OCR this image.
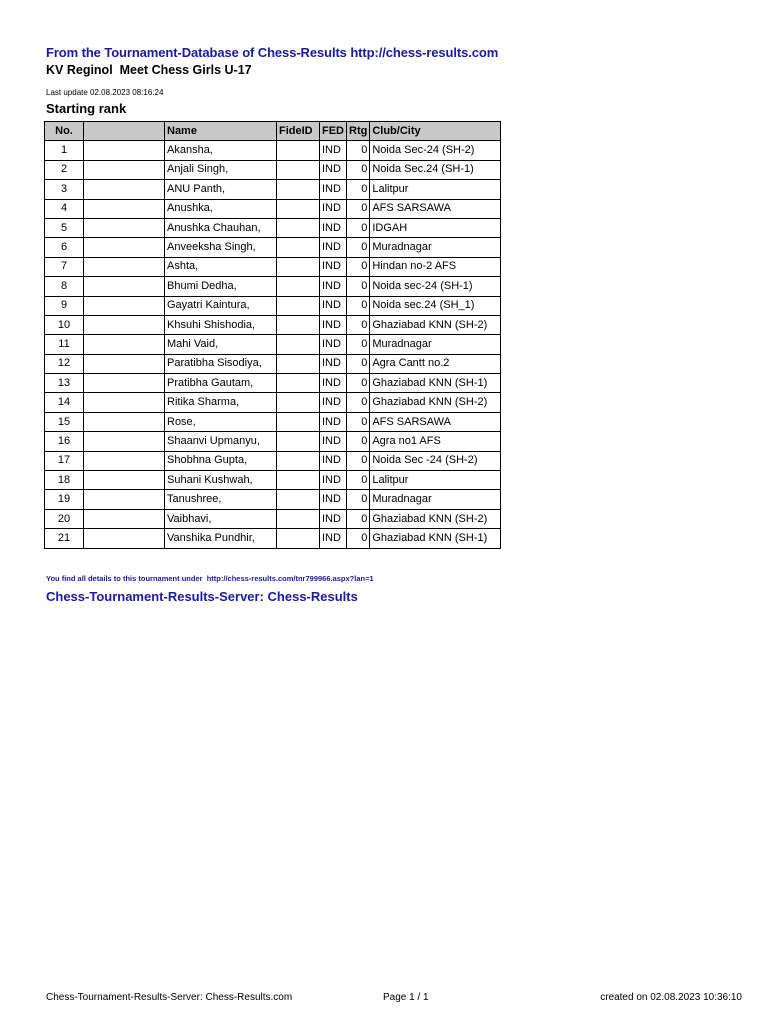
From the Tournament-Database of Chess-Results http://chess-results.com
KV Reginol  Meet Chess Girls U-17
Last update 02.08.2023 08:16:24
Starting rank
No.		Name	FideID	FED	Rtg	Club/City
1		Akansha,		IND	0	Noida Sec-24 (SH-2)
2		Anjali Singh,		IND	0	Noida Sec.24 (SH-1)
3		ANU Panth,		IND	0	Lalitpur
4		Anushka,		IND	0	AFS SARSAWA
5		Anushka Chauhan,		IND	0	IDGAH
6		Anveeksha Singh,		IND	0	Muradnagar
7		Ashta,		IND	0	Hindan no-2 AFS
8		Bhumi Dedha,		IND	0	Noida sec-24 (SH-1)
9		Gayatri Kaintura,		IND	0	Noida sec.24 (SH_1)
10		Khsuhi Shishodia,		IND	0	Ghaziabad KNN (SH-2)
11		Mahi Vaid,		IND	0	Muradnagar
12		Paratibha Sisodiya,		IND	0	Agra Cantt no.2
13		Pratibha Gautam,		IND	0	Ghaziabad KNN (SH-1)
14		Ritika Sharma,		IND	0	Ghaziabad KNN (SH-2)
15		Rose,		IND	0	AFS SARSAWA
16		Shaanvi Upmanyu,		IND	0	Agra no1 AFS
17		Shobhna Gupta,		IND	0	Noida Sec -24 (SH-2)
18		Suhani Kushwah,		IND	0	Lalitpur
19		Tanushree,		IND	0	Muradnagar
20		Vaibhavi,		IND	0	Ghaziabad KNN (SH-2)
21		Vanshika Pundhir,		IND	0	Ghaziabad KNN (SH-1)
You find all details to this tournament under  http://chess-results.com/tnr799966.aspx?lan=1
Chess-Tournament-Results-Server: Chess-Results
Chess-Tournament-Results-Server: Chess-Results.com	Page 1 / 1	created on 02.08.2023 10:36:10
